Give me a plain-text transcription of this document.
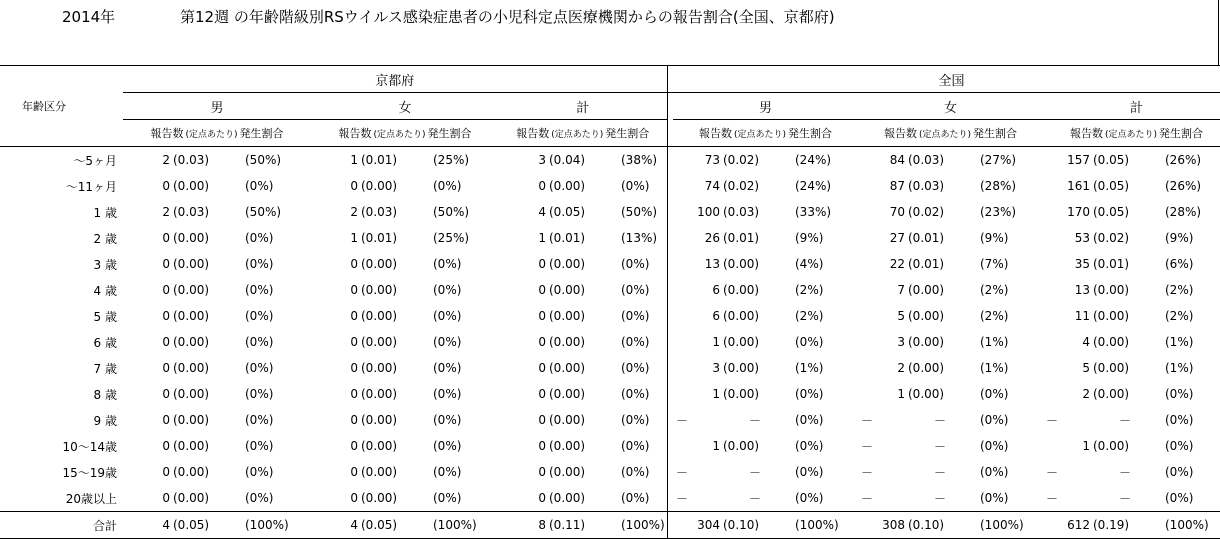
2014年	第12週 の年齢階級別RSウイルス感染症患者の小児科定点医療機関からの報告割合(全国、京都府)
年齢区分	京都府										全国								
	男			女			計				男			女			計		

	報告数 (定点あたり) 発生割合			報告数 (定点あたり) 発生割合			報告数 (定点あたり) 発生割合				報告数 (定点あたり) 発生割合			報告数 (定点あたり) 発生割合			報告数 (定点あたり) 発生割合		

～5ヶ月	2	(0.03)	(50%)	1	(0.01)	(25%)	3	(0.04)	(38%)		73	(0.02)	(24%)	84	(0.03)	(27%)	157	(0.05)	(26%)
～11ヶ月	0	(0.00)	(0%)	0	(0.00)	(0%)	0	(0.00)	(0%)		74	(0.02)	(24%)	87	(0.03)	(28%)	161	(0.05)	(26%)
1 歳	2	(0.03)	(50%)	2	(0.03)	(50%)	4	(0.05)	(50%)		100	(0.03)	(33%)	70	(0.02)	(23%)	170	(0.05)	(28%)
2 歳	0	(0.00)	(0%)	1	(0.01)	(25%)	1	(0.01)	(13%)		26	(0.01)	(9%)	27	(0.01)	(9%)	53	(0.02)	(9%)
3 歳	0	(0.00)	(0%)	0	(0.00)	(0%)	0	(0.00)	(0%)		13	(0.00)	(4%)	22	(0.01)	(7%)	35	(0.01)	(6%)
4 歳	0	(0.00)	(0%)	0	(0.00)	(0%)	0	(0.00)	(0%)		6	(0.00)	(2%)	7	(0.00)	(2%)	13	(0.00)	(2%)
5 歳	0	(0.00)	(0%)	0	(0.00)	(0%)	0	(0.00)	(0%)		6	(0.00)	(2%)	5	(0.00)	(2%)	11	(0.00)	(2%)
6 歳	0	(0.00)	(0%)	0	(0.00)	(0%)	0	(0.00)	(0%)		1	(0.00)	(0%)	3	(0.00)	(1%)	4	(0.00)	(1%)
7 歳	0	(0.00)	(0%)	0	(0.00)	(0%)	0	(0.00)	(0%)		3	(0.00)	(1%)	2	(0.00)	(1%)	5	(0.00)	(1%)
8 歳	0	(0.00)	(0%)	0	(0.00)	(0%)	0	(0.00)	(0%)		1	(0.00)	(0%)	1	(0.00)	(0%)	2	(0.00)	(0%)
9 歳	0	(0.00)	(0%)	0	(0.00)	(0%)	0	(0.00)	(0%)		－	－	(0%)	－	－	(0%)	－	－	(0%)
10～14歳	0	(0.00)	(0%)	0	(0.00)	(0%)	0	(0.00)	(0%)		1	(0.00)	(0%)	－	－	(0%)	1	(0.00)	(0%)
15～19歳	0	(0.00)	(0%)	0	(0.00)	(0%)	0	(0.00)	(0%)		－	－	(0%)	－	－	(0%)	－	－	(0%)
20歳以上	0	(0.00)	(0%)	0	(0.00)	(0%)	0	(0.00)	(0%)		－	－	(0%)	－	－	(0%)	－	－	(0%)
合計	4	(0.05)	(100%)	4	(0.05)	(100%)	8	(0.11)	(100%)		304	(0.10)	(100%)	308	(0.10)	(100%)	612	(0.19)	(100%)
